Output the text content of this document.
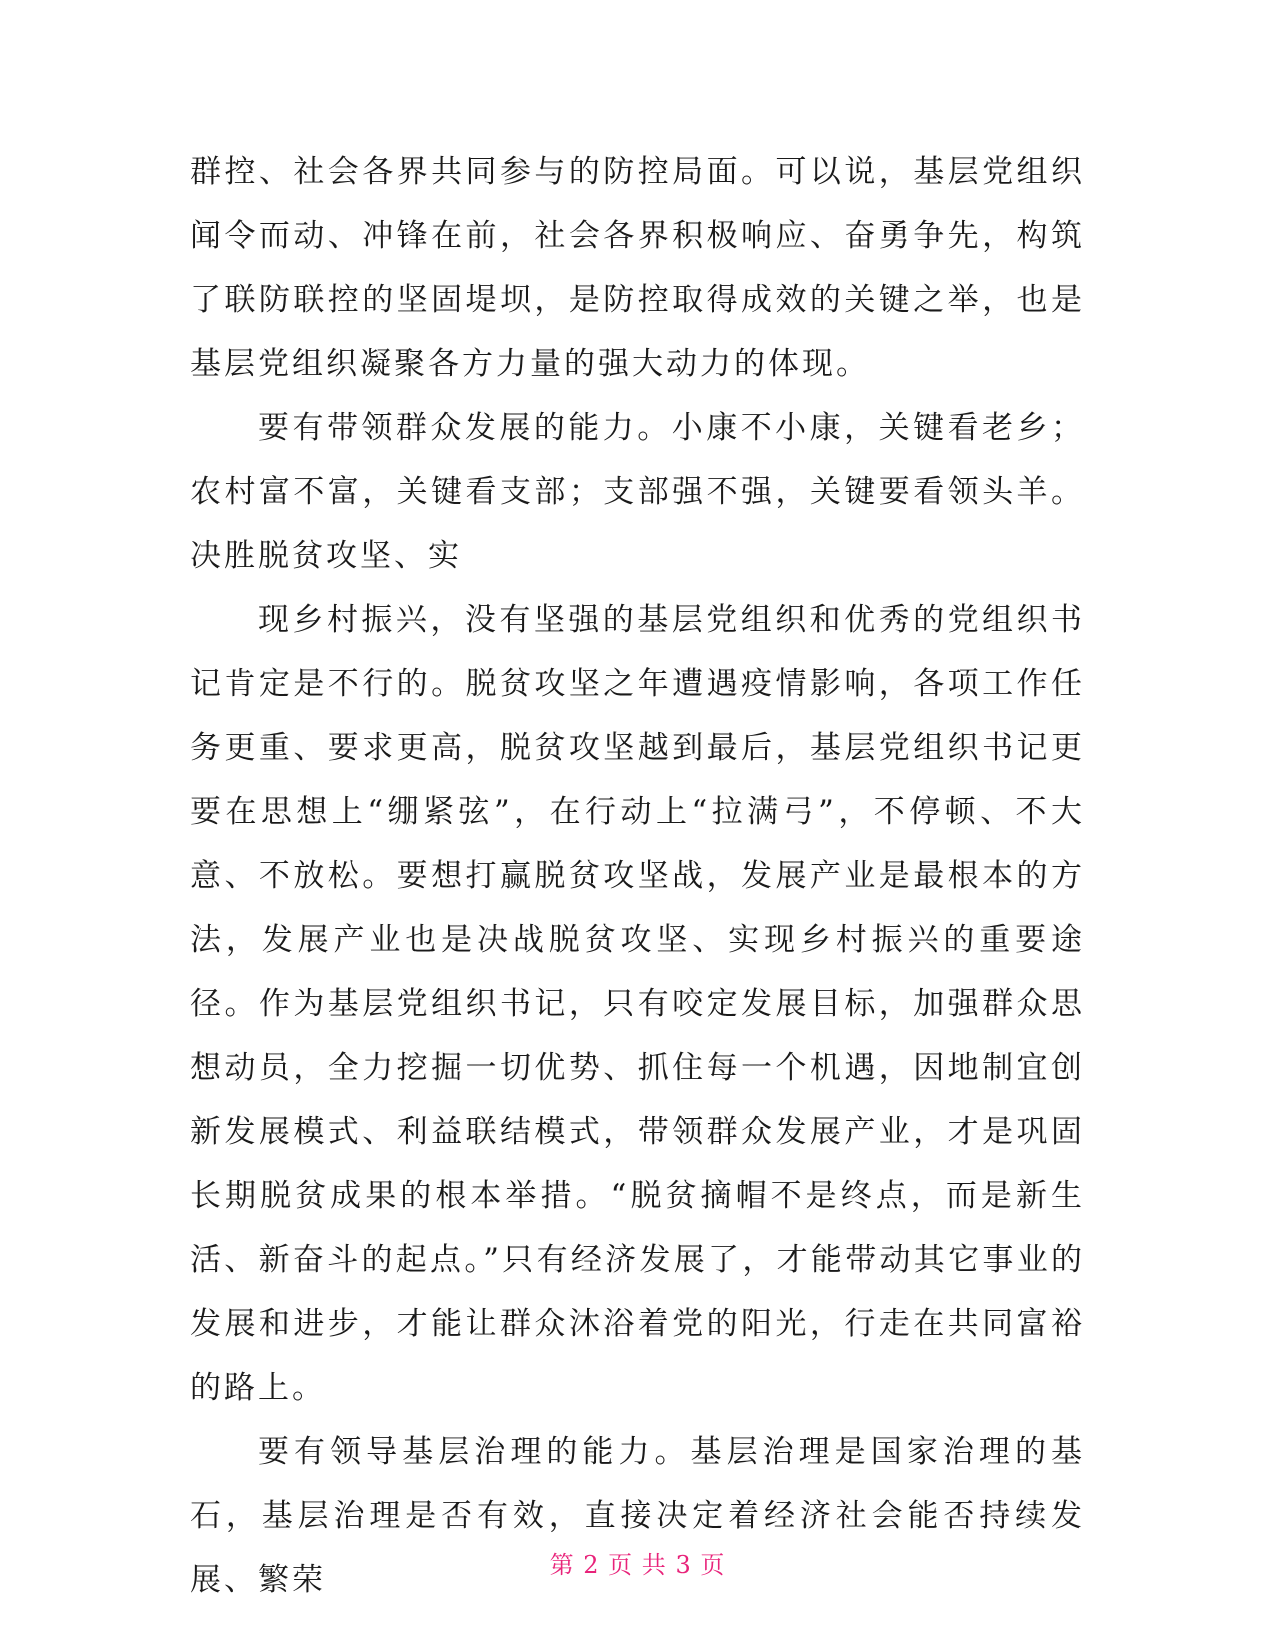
群控、社会各界共同参与的防控局面。可以说，基层党组织闻令而动、冲锋在前，社会各界积极响应、奋勇争先，构筑了联防联控的坚固堤坝，是防控取得成效的关键之举，也是基层党组织凝聚各方力量的强大动力的体现。

要有带领群众发展的能力。小康不小康，关键看老乡；农村富不富，关键看支部；支部强不强，关键要看领头羊。决胜脱贫攻坚、实

现乡村振兴，没有坚强的基层党组织和优秀的党组织书记肯定是不行的。脱贫攻坚之年遭遇疫情影响，各项工作任务更重、要求更高，脱贫攻坚越到最后，基层党组织书记更要在思想上“绷紧弦”，在行动上“拉满弓”，不停顿、不大意、不放松。要想打赢脱贫攻坚战，发展产业是最根本的方法，发展产业也是决战脱贫攻坚、实现乡村振兴的重要途径。作为基层党组织书记，只有咬定发展目标，加强群众思想动员，全力挖掘一切优势、抓住每一个机遇，因地制宜创新发展模式、利益联结模式，带领群众发展产业，才是巩固长期脱贫成果的根本举措。“脱贫摘帽不是终点，而是新生活、新奋斗的起点。”只有经济发展了，才能带动其它事业的发展和进步，才能让群众沐浴着党的阳光，行走在共同富裕的路上。

要有领导基层治理的能力。基层治理是国家治理的基石，基层治理是否有效，直接决定着经济社会能否持续发展、繁荣	第 2 页 共 3 页
